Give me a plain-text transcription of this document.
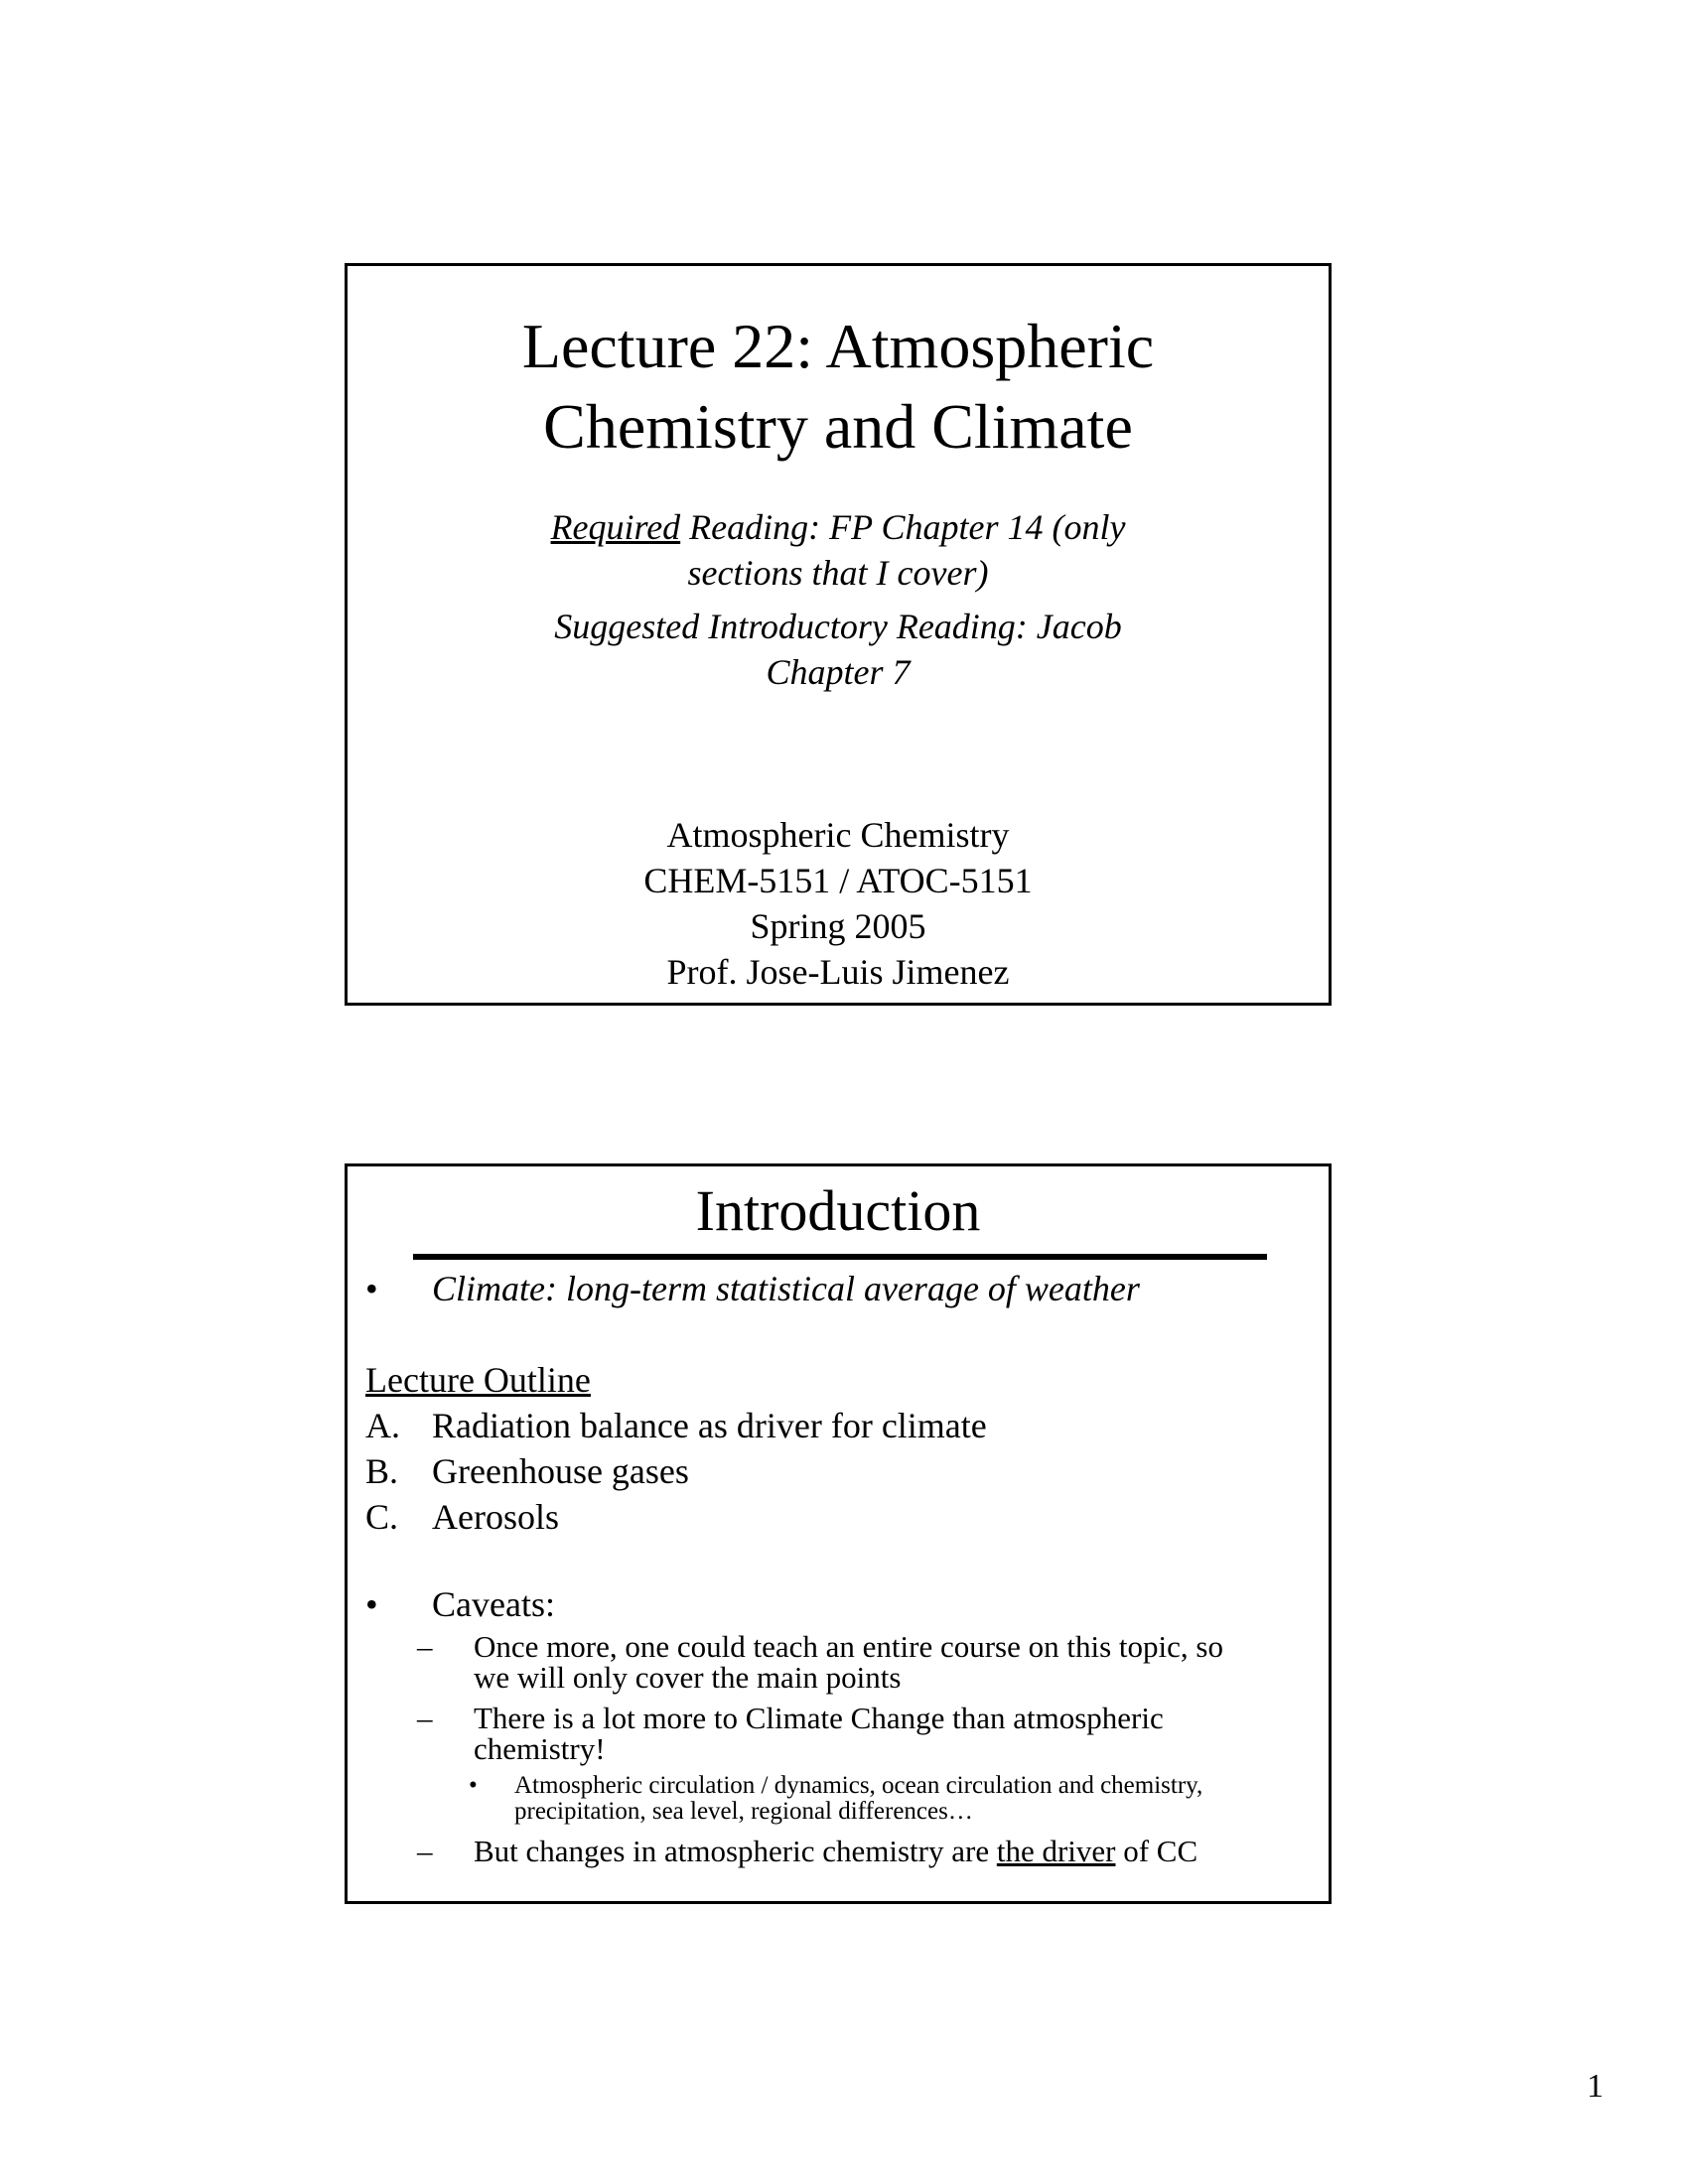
Lecture 22: Atmospheric
Chemistry and Climate
Required Reading: FP Chapter 14 (only
sections that I cover)
Suggested Introductory Reading: Jacob
Chapter 7
Atmospheric Chemistry
CHEM-5151 / ATOC-5151
Spring 2005
Prof. Jose-Luis Jimenez
Introduction
• Climate: long-term statistical average of weather
Lecture Outline
A. Radiation balance as driver for climate
B. Greenhouse gases
C. Aerosols
• Caveats:
– Once more, one could teach an entire course on this topic, so
we will only cover the main points
– There is a lot more to Climate Change than atmospheric
chemistry!
• Atmospheric circulation / dynamics, ocean circulation and chemistry,
precipitation, sea level, regional differences…
– But changes in atmospheric chemistry are the driver of CC
1
